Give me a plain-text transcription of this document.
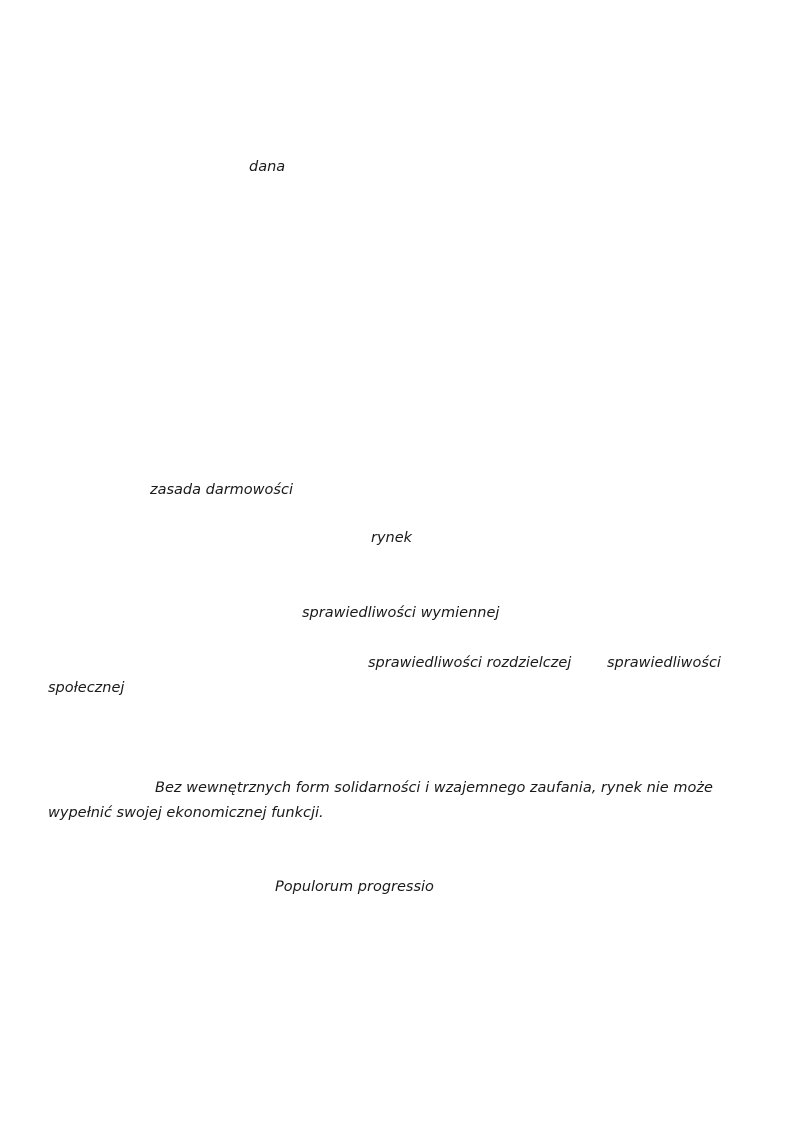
dana
zasada darmowości
rynek
sprawiedliwości wymiennej
sprawiedliwości rozdzielczej sprawiedliwości
społecznej
Bez wewnętrznych form solidarności i wzajemnego zaufania, rynek nie może
wypełnić swojej ekonomicznej funkcji.
Populorum progressio
